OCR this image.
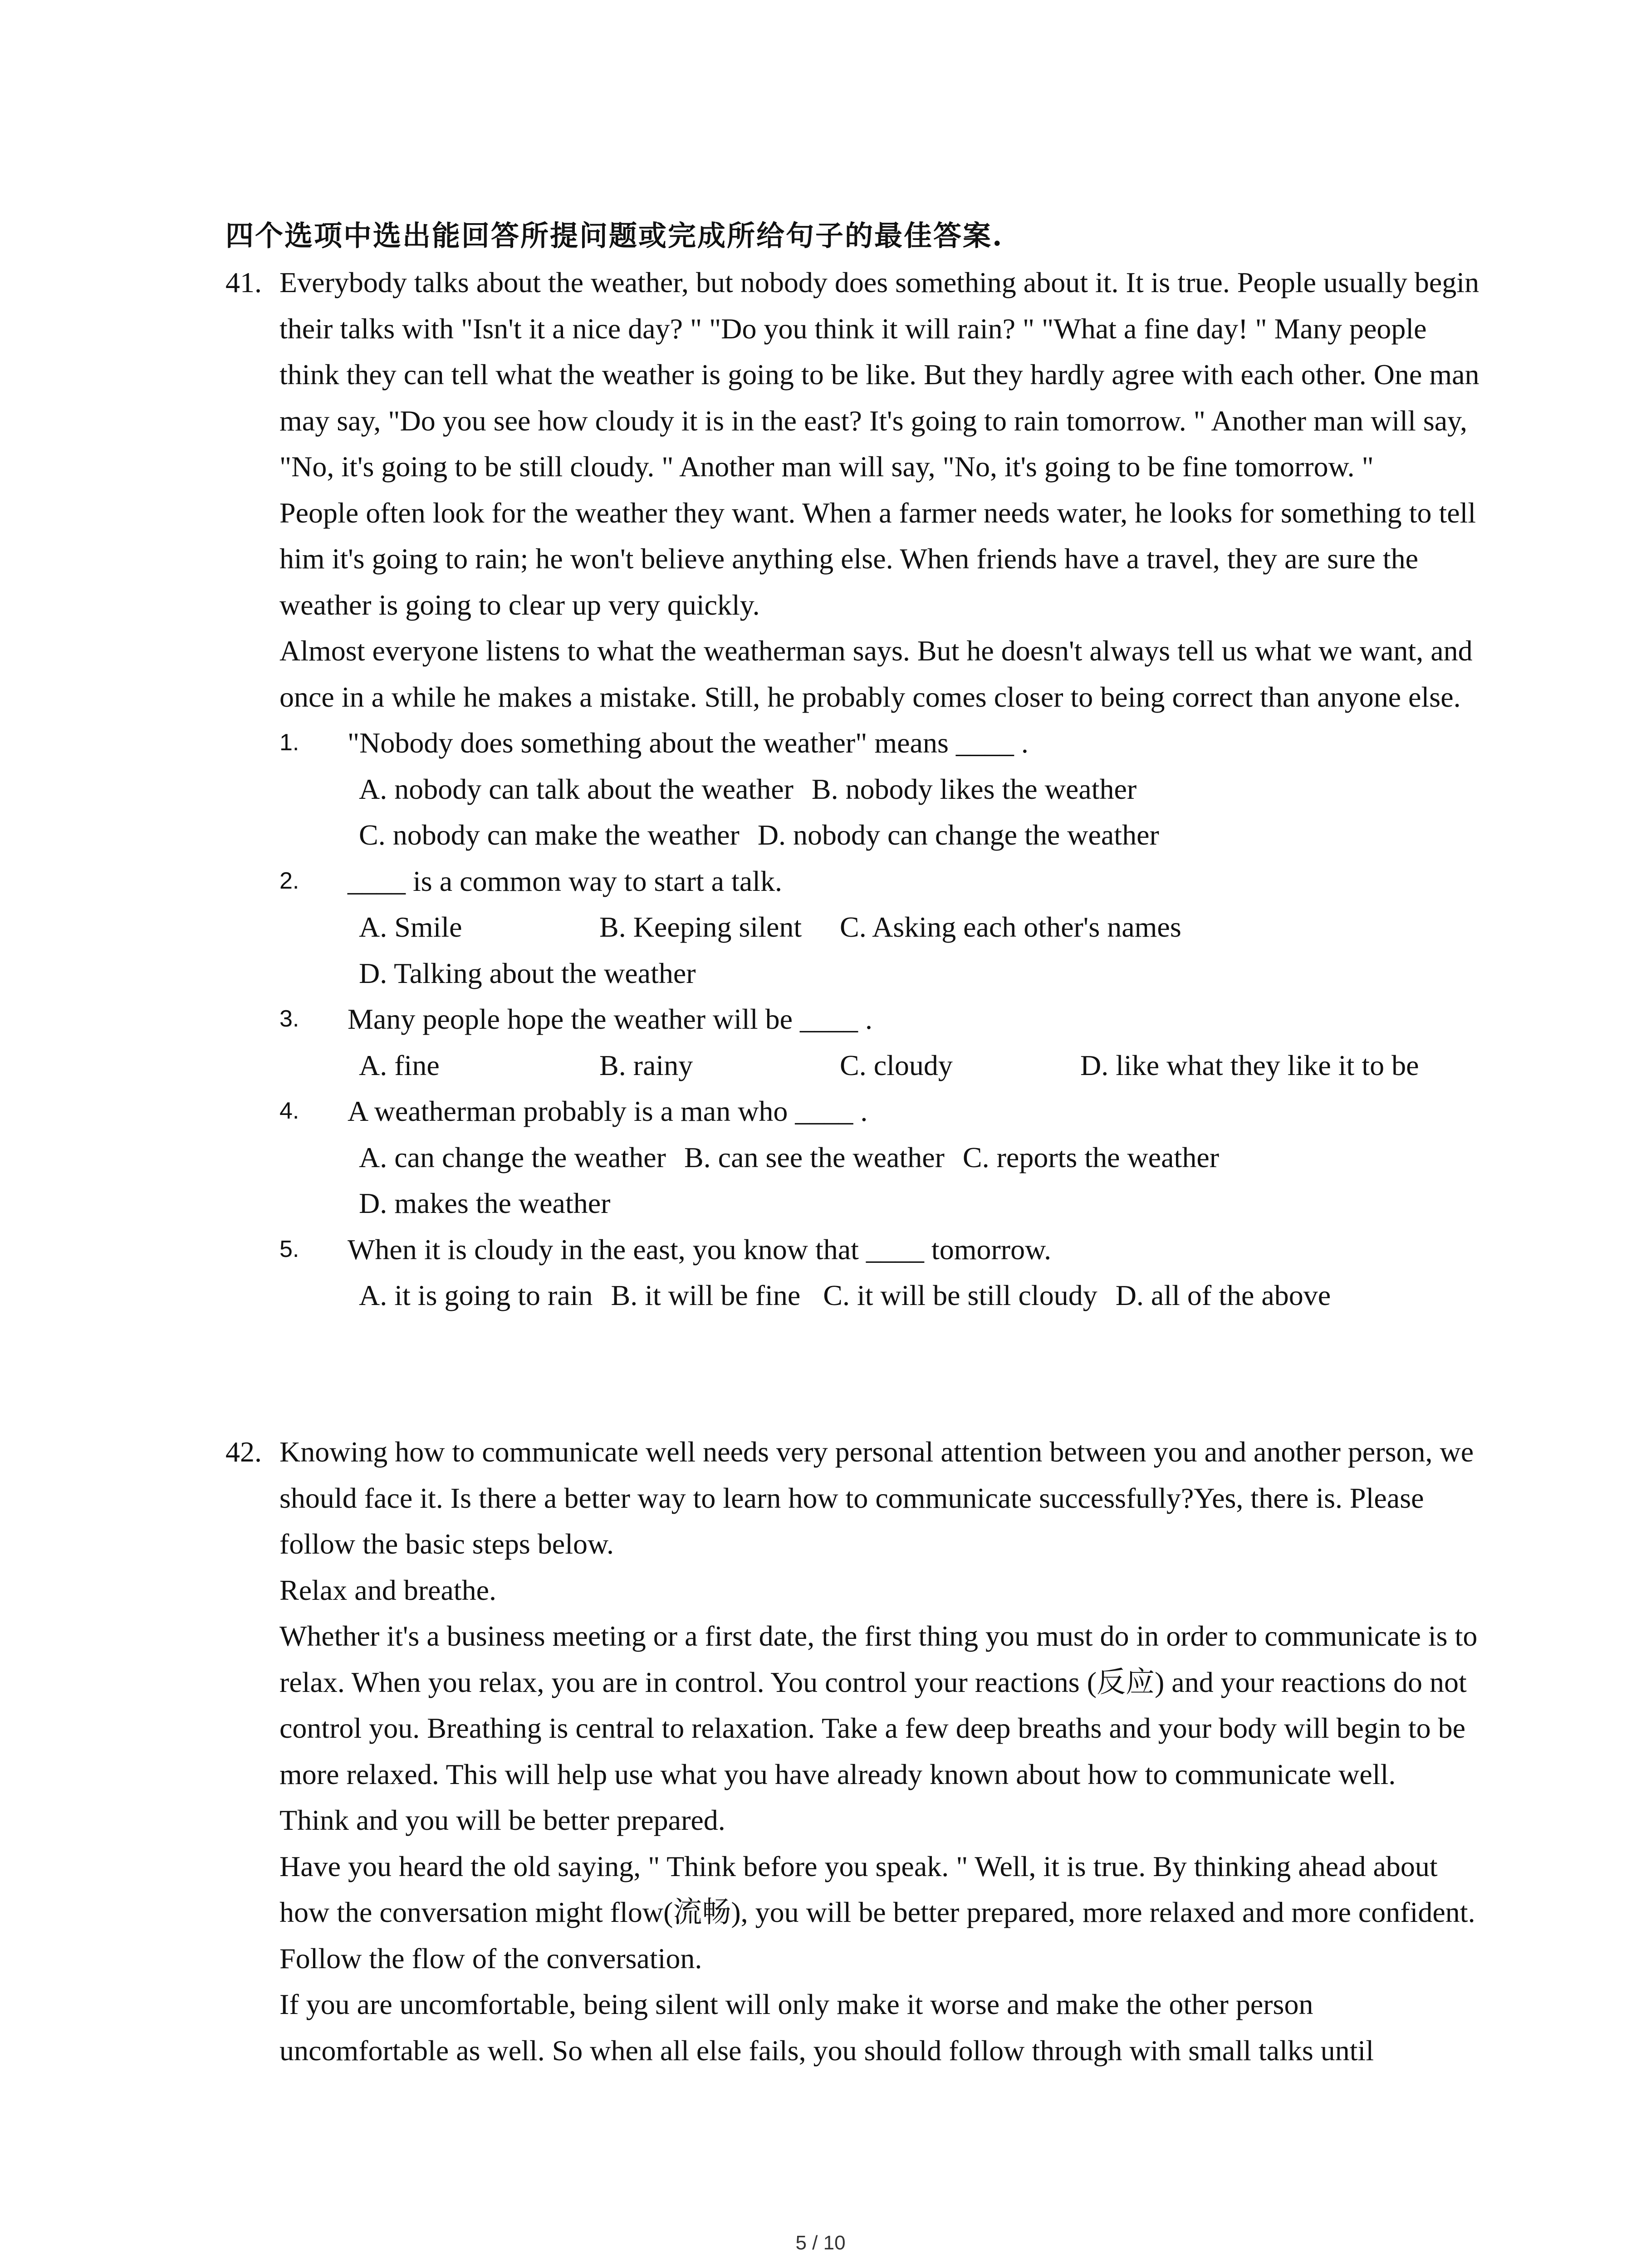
四个选项中选出能回答所提问题或完成所给句子的最佳答案.
41. Everybody talks about the weather, but nobody does something about it. It is true. People usually begin their talks with "Isn't it a nice day? " "Do you think it will rain? " "What a fine day! " Many people think they can tell what the weather is going to be like. But they hardly agree with each other. One man may say, "Do you see how cloudy it is in the east? It's going to rain tomorrow. " Another man will say, "No, it's going to be still cloudy. " Another man will say, "No, it's going to be fine tomorrow. "

People often look for the weather they want. When a farmer needs water, he looks for something to tell him it's going to rain; he won't believe anything else. When friends have a travel, they are sure the weather is going to clear up very quickly.

Almost everyone listens to what the weatherman says. But he doesn't always tell us what we want, and once in a while he makes a mistake. Still, he probably comes closer to being correct than anyone else.

1. "Nobody does something about the weather" means ____ .
A. nobody can talk about the weather B. nobody likes the weather
C. nobody can make the weather D. nobody can change the weather
2. ____ is a common way to start a talk.
A. Smile	B. Keeping silent C. Asking each other's names
D. Talking about the weather
3. Many people hope the weather will be ____ .
A. fine	B. rainy	C. cloudy	D. like what they like it to be
4. A weatherman probably is a man who ____ .
A. can change the weather B. can see the weather C. reports the weather
D. makes the weather
5. When it is cloudy in the east, you know that ____ tomorrow.
A. it is going to rain B. it will be fine C. it will be still cloudy D. all of the above
42. Knowing how to communicate well needs very personal attention between you and another person, we should face it. Is there a better way to learn how to communicate successfully?Yes, there is. Please follow the basic steps below.

Relax and breathe.

Whether it's a business meeting or a first date, the first thing you must do in order to communicate is to relax. When you relax, you are in control. You control your reactions (反应) and your reactions do not control you. Breathing is central to relaxation. Take a few deep breaths and your body will begin to be more relaxed. This will help use what you have already known about how to communicate well.

Think and you will be better prepared.

Have you heard the old saying, " Think before you speak. " Well, it is true. By thinking ahead about how the conversation might flow(流畅), you will be better prepared, more relaxed and more confident.

Follow the flow of the conversation.

If you are uncomfortable, being silent will only make it worse and make the other person uncomfortable as well. So when all else fails, you should follow through with small talks until

5 / 10
